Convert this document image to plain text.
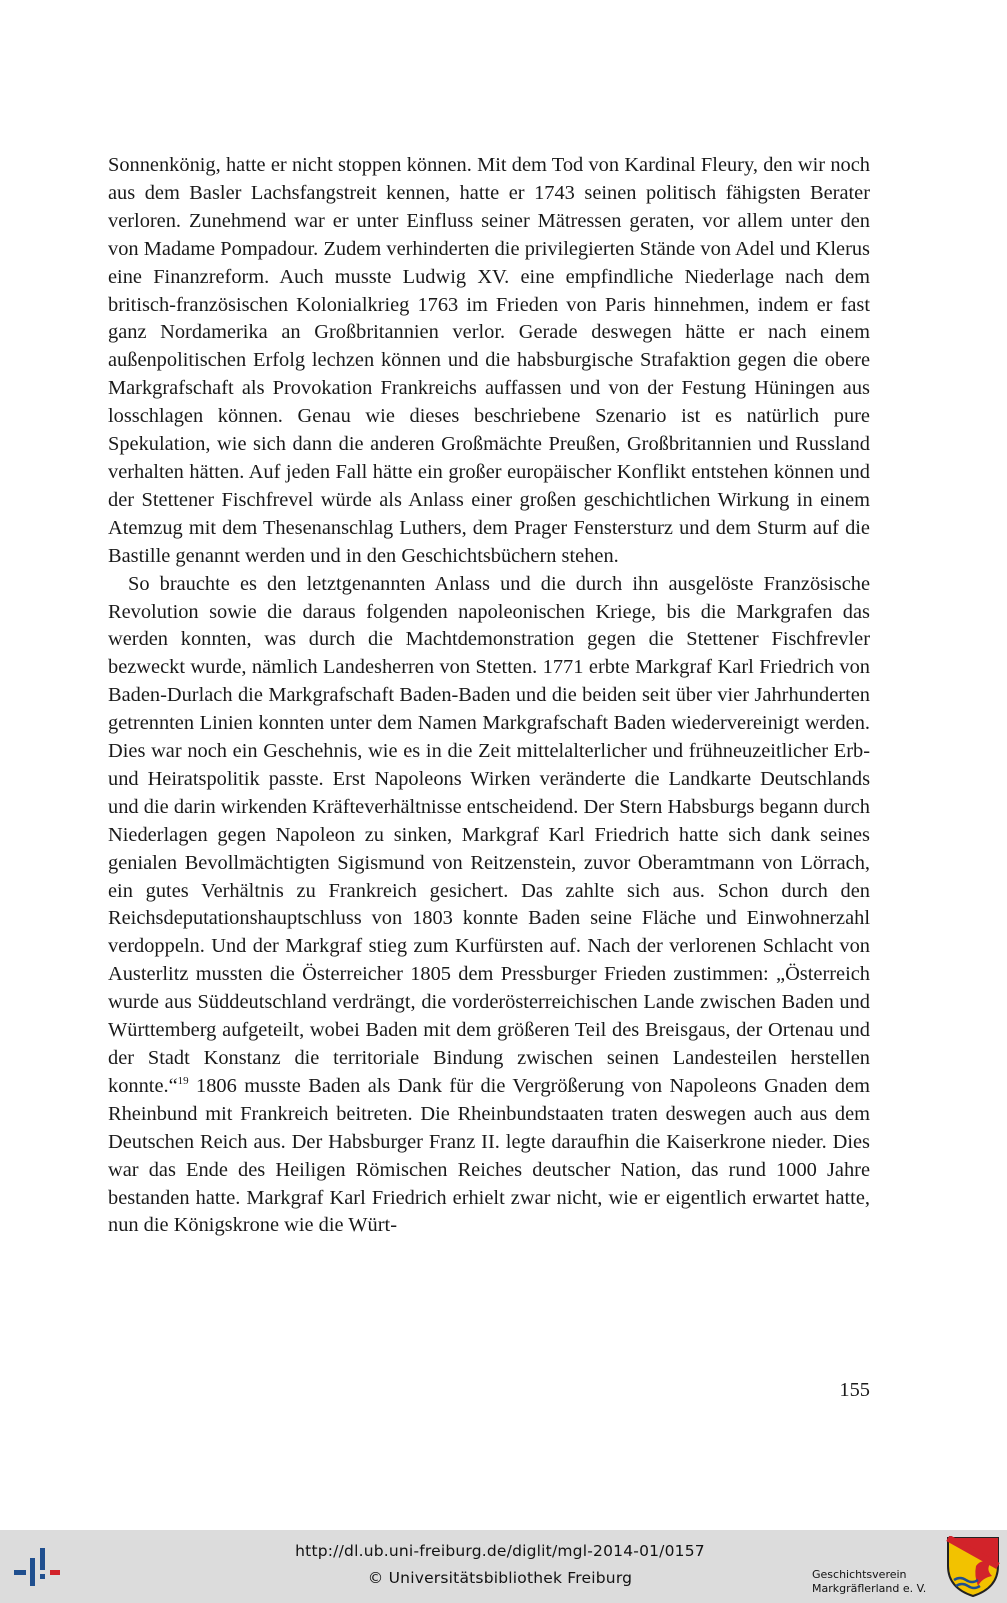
Sonnenkönig, hatte er nicht stoppen können. Mit dem Tod von Kardinal Fleury, den wir noch aus dem Basler Lachsfangstreit kennen, hatte er 1743 seinen politisch fähigsten Berater verloren. Zunehmend war er unter Einfluss seiner Mätressen geraten, vor allem unter den von Madame Pompadour. Zudem verhinderten die privilegierten Stände von Adel und Klerus eine Finanzreform. Auch musste Ludwig XV. eine empfindliche Niederlage nach dem britisch-französischen Kolonialkrieg 1763 im Frieden von Paris hinnehmen, indem er fast ganz Nordamerika an Großbritannien verlor. Gerade deswegen hätte er nach einem außenpolitischen Erfolg lechzen können und die habsburgische Strafaktion gegen die obere Markgrafschaft als Provokation Frankreichs auffassen und von der Festung Hüningen aus losschlagen können. Genau wie dieses beschriebene Szenario ist es natürlich pure Spekulation, wie sich dann die anderen Großmächte Preußen, Großbritannien und Russland verhalten hätten. Auf jeden Fall hätte ein großer europäischer Konflikt entstehen können und der Stettener Fischfrevel würde als Anlass einer großen geschichtlichen Wirkung in einem Atemzug mit dem Thesenanschlag Luthers, dem Prager Fenstersturz und dem Sturm auf die Bastille genannt werden und in den Geschichtsbüchern stehen.

So brauchte es den letztgenannten Anlass und die durch ihn ausgelöste Französische Revolution sowie die daraus folgenden napoleonischen Kriege, bis die Markgrafen das werden konnten, was durch die Machtdemonstration gegen die Stettener Fischfrevler bezweckt wurde, nämlich Landesherren von Stetten. 1771 erbte Markgraf Karl Friedrich von Baden-Durlach die Markgrafschaft Baden-Baden und die beiden seit über vier Jahrhunderten getrennten Linien konnten unter dem Namen Markgrafschaft Baden wiedervereinigt werden. Dies war noch ein Geschehnis, wie es in die Zeit mittelalterlicher und frühneuzeitlicher Erb- und Heiratspolitik passte. Erst Napoleons Wirken veränderte die Landkarte Deutschlands und die darin wirkenden Kräfteverhältnisse entscheidend. Der Stern Habsburgs begann durch Niederlagen gegen Napoleon zu sinken, Markgraf Karl Friedrich hatte sich dank seines genialen Bevollmächtigten Sigismund von Reitzenstein, zuvor Oberamtmann von Lörrach, ein gutes Verhältnis zu Frankreich gesichert. Das zahlte sich aus. Schon durch den Reichsdeputationshauptschluss von 1803 konnte Baden seine Fläche und Einwohnerzahl verdoppeln. Und der Markgraf stieg zum Kurfürsten auf. Nach der verlorenen Schlacht von Austerlitz mussten die Österreicher 1805 dem Pressburger Frieden zustimmen: „Österreich wurde aus Süddeutschland verdrängt, die vorderösterreichischen Lande zwischen Baden und Württemberg aufgeteilt, wobei Baden mit dem größeren Teil des Breisgaus, der Ortenau und der Stadt Konstanz die territoriale Bindung zwischen seinen Landesteilen herstellen konnte.“$^{19}$ 1806 musste Baden als Dank für die Vergrößerung von Napoleons Gnaden dem Rheinbund mit Frankreich beitreten. Die Rheinbundstaaten traten deswegen auch aus dem Deutschen Reich aus. Der Habsburger Franz II. legte daraufhin die Kaiserkrone nieder. Dies war das Ende des Heiligen Römischen Reiches deutscher Nation, das rund 1000 Jahre bestanden hatte. Markgraf Karl Friedrich erhielt zwar nicht, wie er eigentlich erwartet hatte, nun die Königskrone wie die Würt-

155
http://dl.ub.uni-freiburg.de/diglit/mgl-2014-01/0157
© Universitätsbibliothek Freiburg	Geschichtsverein
Markgräflerland e. V.
